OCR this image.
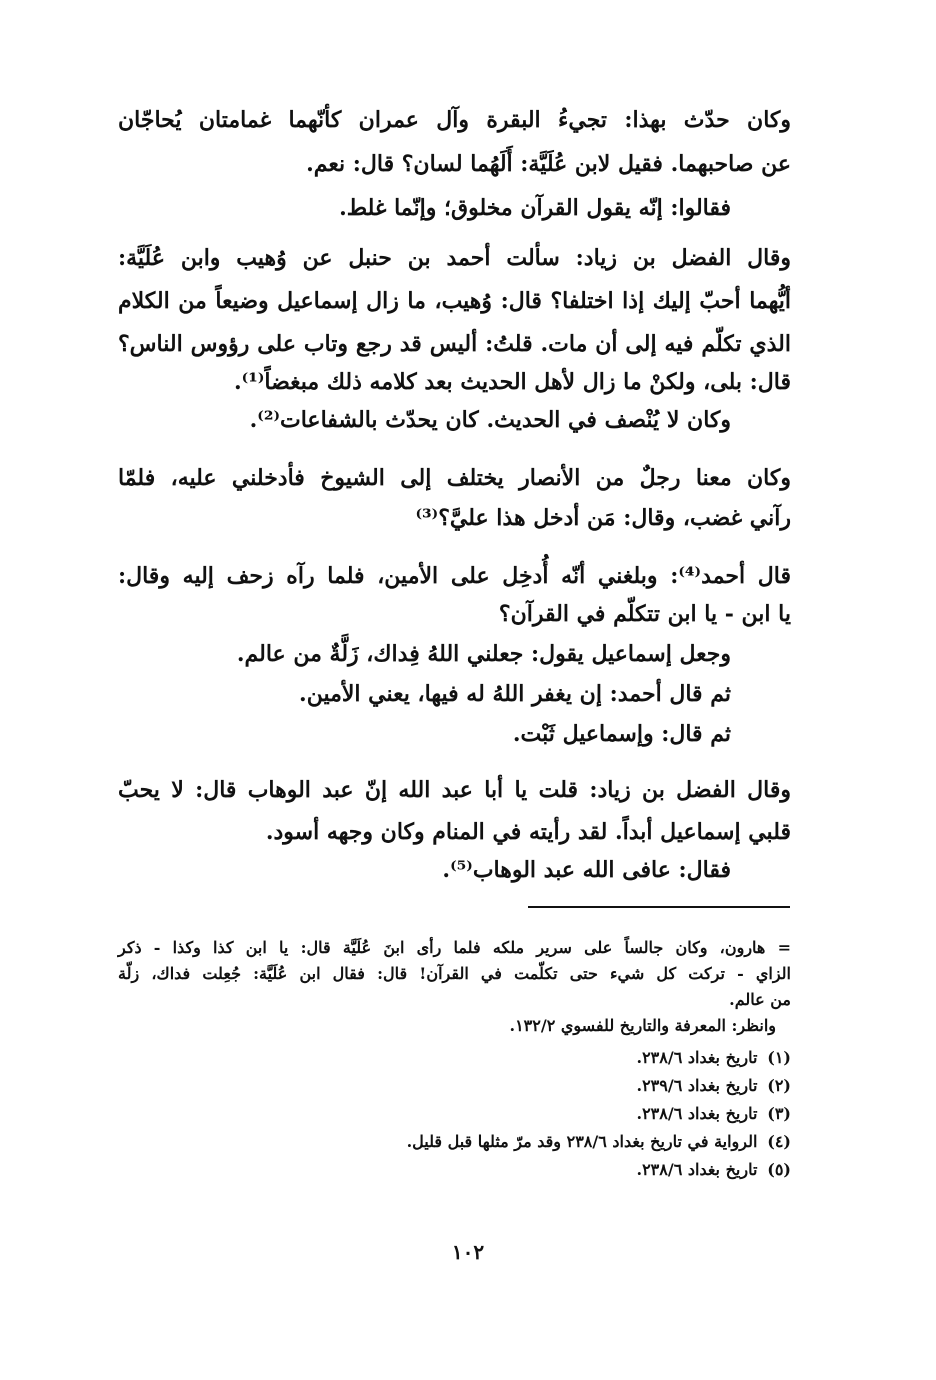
وكان حدّث بهذا: تجيءُ البقرة وآل عمران كأنّهما غمامتان يُحاجّان
عن صاحبهما. فقيل لابن عُلَيَّة: أَلَهُما لسان؟ قال: نعم.
فقالوا: إنّه يقول القرآن مخلوق؛ وإنّما غلط.
وقال الفضل بن زياد: سألت أحمد بن حنبل عن وُهيب وابن عُلَيَّة:
أيُّهما أحبّ إليك إذا اختلفا؟ قال: وُهيب، ما زال إسماعيل وضيعاً من الكلام
الذي تكلّم فيه إلى أن مات. قلتُ: أليس قد رجع وتاب على رؤوس الناس؟
قال: بلى، ولكنْ ما زال لأهل الحديث بعد كلامه ذلك مبغضاً⁽¹⁾.
وكان لا يُنْصف في الحديث. كان يحدّث بالشفاعات⁽²⁾.
وكان معنا رجلٌ من الأنصار يختلف إلى الشيوخ فأدخلني عليه، فلمّا
رآني غضب، وقال: مَن أدخل هذا عليَّ؟⁽³⁾
قال أحمد⁽⁴⁾: وبلغني أنّه أُدخِل على الأمين، فلما رآه زحف إليه وقال:
يا ابن - يا ابن تتكلّم في القرآن؟
وجعل إسماعيل يقول: جعلني اللهُ فِداك، زَلَّةٌ من عالم.
ثم قال أحمد: إن يغفر اللهُ له فيها، يعني الأمين.
ثم قال: وإسماعيل ثَبْت.
وقال الفضل بن زياد: قلت يا أبا عبد الله إنّ عبد الوهاب قال: لا يحبّ
قلبي إسماعيل أبداً. لقد رأيته في المنام وكان وجهه أسود.
فقال: عافى الله عبد الوهاب⁽⁵⁾.
= هارون، وكان جالساً على سرير ملكه فلما رأى ابنَ عُلَيَّة قال: يا ابن كذا وكذا - ذكر
الزاي - تركت كل شيء حتى تكلّمت في القرآن! قال: فقال ابن عُلَيَّة: جُعِلت فداك، زلّة
من عالم.
وانظر: المعرفة والتاريخ للفسوي ١٣٢/٢.
(١) تاريخ بغداد ٢٣٨/٦.
(٢) تاريخ بغداد ٢٣٩/٦.
(٣) تاريخ بغداد ٢٣٨/٦.
(٤) الرواية في تاريخ بغداد ٢٣٨/٦ وقد مرّ مثلها قبل قليل.
(٥) تاريخ بغداد ٢٣٨/٦.
١٠٢
